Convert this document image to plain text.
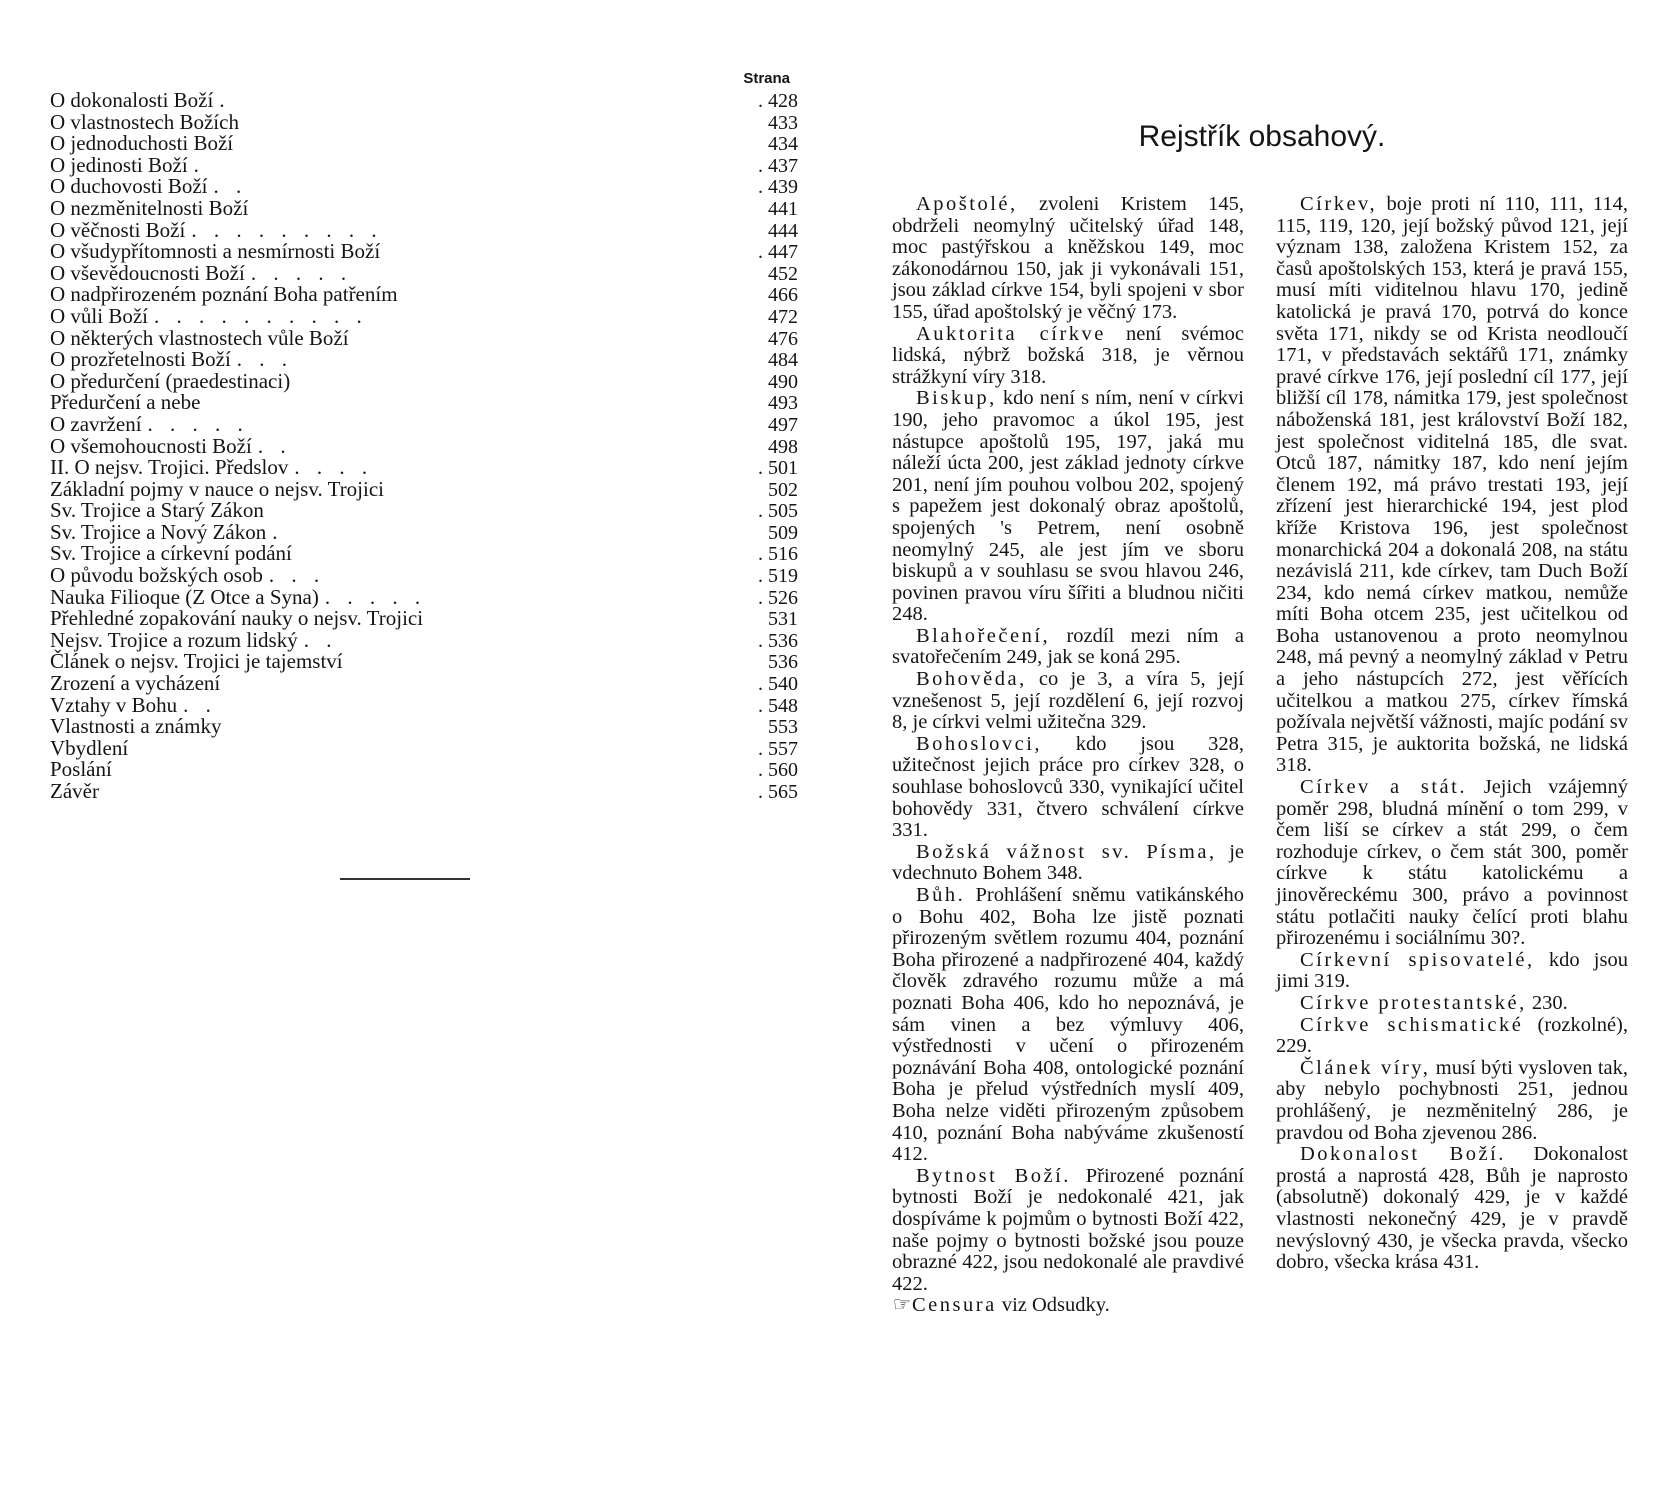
Strana
O dokonalosti Boží .	. 428
O vlastnostech Božích	433
O jednoduchosti Boží	434
O jedinosti Boží .	. 437
O duchovosti Boží . .	. 439
O nezměnitelnosti Boží	441
O věčnosti Boží . . . . . . . . .	444
O všudypřítomnosti a nesmírnosti Boží	. 447
O vševědoucnosti Boží . . . . .	452
O nadpřirozeném poznání Boha patřením	466
O vůli Boží . . . . . . . . . .	472
O některých vlastnostech vůle Boží	476
O prozřetelnosti Boží . . .	484
O předurčení (praedestinaci)	490
Předurčení a nebe	493
O zavržení . . . . .	497
O všemohoucnosti Boží . .	498
II. O nejsv. Trojici. Předslov . . . .	. 501
Základní pojmy v nauce o nejsv. Trojici	502
Sv. Trojice a Starý Zákon	. 505
Sv. Trojice a Nový Zákon .	509
Sv. Trojice a církevní podání	. 516
O původu božských osob . . .	. 519
Nauka Filioque (Z Otce a Syna) . . . . .	. 526
Přehledné zopakování nauky o nejsv. Trojici	531
Nejsv. Trojice a rozum lidský . .	. 536
Článek o nejsv. Trojici je tajemství	536
Zrození a vycházení	. 540
Vztahy v Bohu . .	. 548
Vlastnosti a známky	553
Vbydlení	. 557
Poslání	. 560
Závěr	. 565
Rejstřík obsahový.

Apoštolé, zvoleni Kristem 145, obdrželi neomylný učitelský úřad 148, moc pastýřskou a kněžskou 149, moc zákonodárnou 150, jak ji vykonávali 151, jsou základ církve 154, byli spojeni v sbor 155, úřad apoštolský je věčný 173.

Auktorita církve není svémoc lidská, nýbrž božská 318, je věrnou strážkyní víry 318.

Biskup, kdo není s ním, není v církvi 190, jeho pravomoc a úkol 195, jest nástupce apoštolů 195, 197, jaká mu náleží úcta 200, jest základ jednoty církve 201, není jím pouhou volbou 202, spojený s papežem jest dokonalý obraz apoštolů, spojených 's Petrem, není osobně neomylný 245, ale jest jím ve sboru biskupů a v souhlasu se svou hlavou 246, povinen pravou víru šířiti a bludnou ničiti 248.

Blahořečení, rozdíl mezi ním a svatořečením 249, jak se koná 295.

Bohověda, co je 3, a víra 5, její vznešenost 5, její rozdělení 6, její rozvoj 8, je církvi velmi užitečna 329.

Bohoslovci, kdo jsou 328, užitečnost jejich práce pro církev 328, o souhlase bohoslovců 330, vynikající učitel bohovědy 331, čtvero schválení církve 331.

Božská vážnost sv. Písma, je vdechnuto Bohem 348.

Bůh. Prohlášení sněmu vatikánského o Bohu 402, Boha lze jistě poznati přirozeným světlem rozumu 404, poznání Boha přirozené a nadpřirozené 404, každý člověk zdravého rozumu může a má poznati Boha 406, kdo ho nepoznává, je sám vinen a bez výmluvy 406, výstřednosti v učení o přirozeném poznávání Boha 408, ontologické poznání Boha je přelud výstředních myslí 409, Boha nelze viděti přirozeným způsobem 410, poznání Boha nabýváme zkušeností 412.

Bytnost Boží. Přirozené poznání bytnosti Boží je nedokonalé 421, jak dospíváme k pojmům o bytnosti Boží 422, naše pojmy o bytnosti božské jsou pouze obrazné 422, jsou nedokonalé ale pravdivé 422.

☞Censura viz Odsudky.

Církev, boje proti ní 110, 111, 114, 115, 119, 120, její božský původ 121, její význam 138, založena Kristem 152, za časů apoštolských 153, která je pravá 155, musí míti viditelnou hlavu 170, jedině katolická je pravá 170, potrvá do konce světa 171, nikdy se od Krista neodloučí 171, v představách sektářů 171, známky pravé církve 176, její poslední cíl 177, její bližší cíl 178, námitka 179, jest společnost náboženská 181, jest království Boží 182, jest společnost viditelná 185, dle svat. Otců 187, námitky 187, kdo není jejím členem 192, má právo trestati 193, její zřízení jest hierarchické 194, jest plod kříže Kristova 196, jest společnost monarchická 204 a dokonalá 208, na státu nezávislá 211, kde církev, tam Duch Boží 234, kdo nemá církev matkou, nemůže míti Boha otcem 235, jest učitelkou od Boha ustanovenou a proto neomylnou 248, má pevný a neomylný základ v Petru a jeho nástupcích 272, jest věřících učitelkou a matkou 275, církev římská požívala největší vážnosti, majíc podání sv Petra 315, je auktorita božská, ne lidská 318.

Církev a stát. Jejich vzájemný poměr 298, bludná mínění o tom 299, v čem liší se církev a stát 299, o čem rozhoduje církev, o čem stát 300, poměr církve k státu katolickému a jinověreckému 300, právo a povinnost státu potlačiti nauky čelící proti blahu přirozenému i sociálnímu 30?.

Církevní spisovatelé, kdo jsou jimi 319.

Církve protestantské, 230.

Církve schismatické (rozkolné), 229.

Článek víry, musí býti vysloven tak, aby nebylo pochybnosti 251, jednou prohlášený, je nezměnitelný 286, je pravdou od Boha zjevenou 286.

Dokonalost Boží. Dokonalost prostá a naprostá 428, Bůh je naprosto (absolutně) dokonalý 429, je v každé vlastnosti nekonečný 429, je v pravdě nevýslovný 430, je všecka pravda, všecko dobro, všecka krása 431.
